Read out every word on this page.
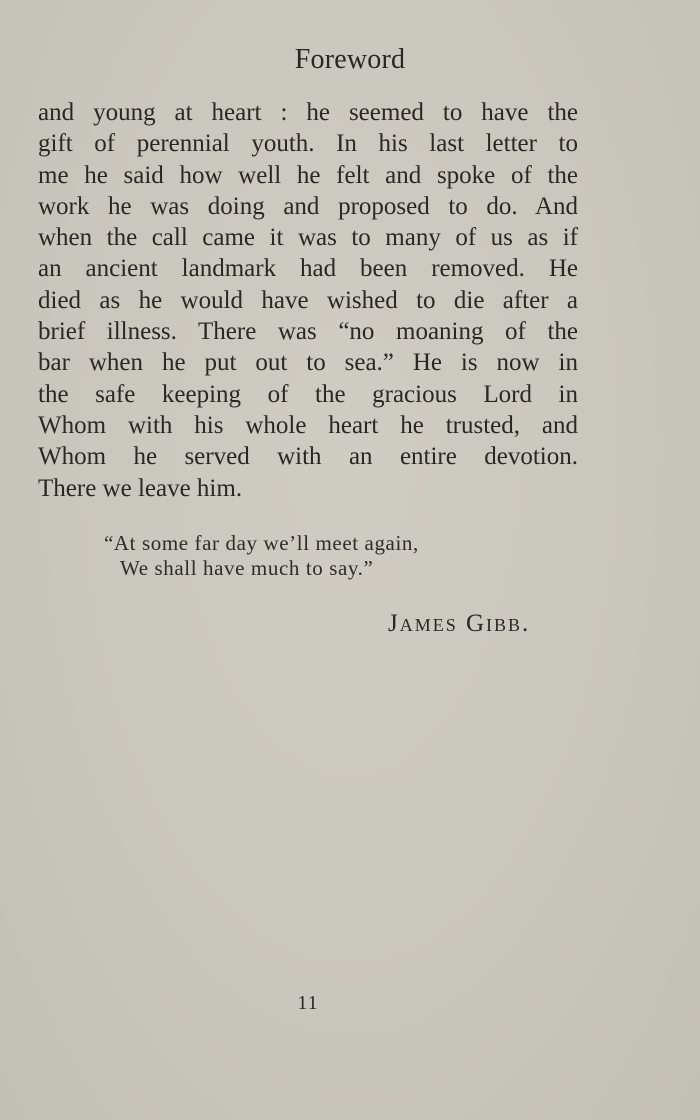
Foreword
and young at heart : he seemed to have the
gift of perennial youth. In his last letter to
me he said how well he felt and spoke of the
work he was doing and proposed to do. And
when the call came it was to many of us as if
an ancient landmark had been removed. He
died as he would have wished to die after a
brief illness. There was “no moaning of the
bar when he put out to sea.” He is now in
the safe keeping of the gracious Lord in
Whom with his whole heart he trusted, and
Whom he served with an entire devotion.
There we leave him.
“At some far day we’ll meet again,
We shall have much to say.”
James Gibb.
11
